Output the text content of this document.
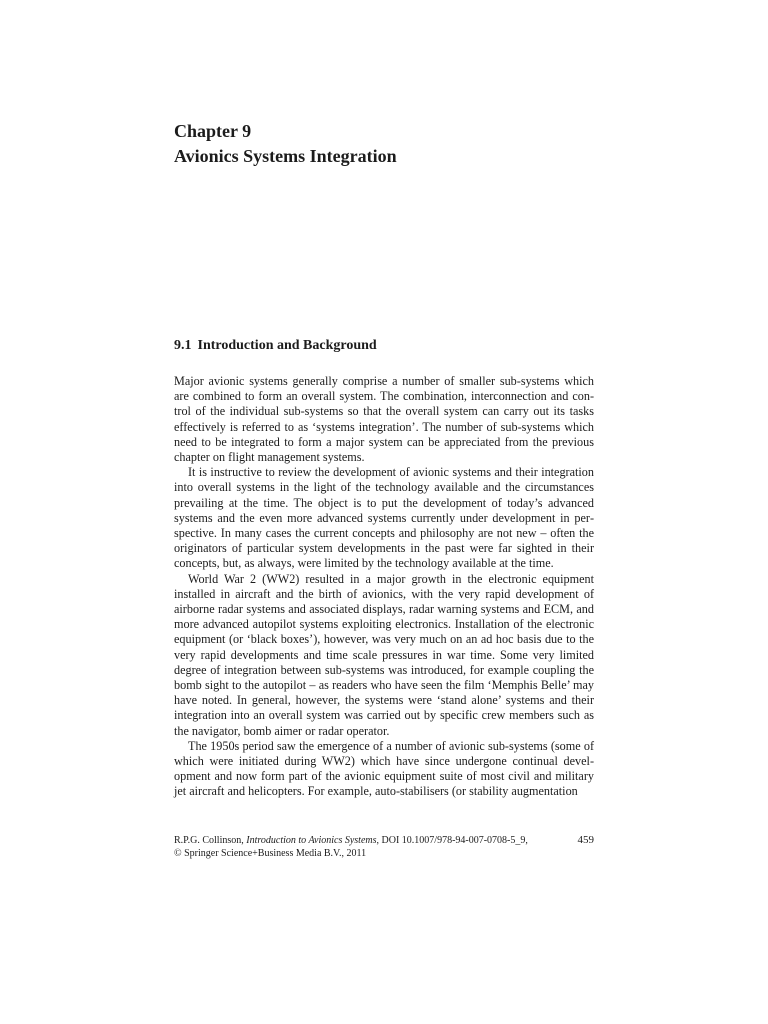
Chapter 9
Avionics Systems Integration
9.1 Introduction and Background

Major avionic systems generally comprise a number of smaller sub-systems which are combined to form an overall system. The combination, interconnection and control of the individual sub-systems so that the overall system can carry out its tasks effectively is referred to as ‘systems integration’. The number of sub-systems which need to be integrated to form a major system can be appreciated from the previous chapter on flight management systems.

It is instructive to review the development of avionic systems and their integration into overall systems in the light of the technology available and the circumstances prevailing at the time. The object is to put the development of today’s advanced systems and the even more advanced systems currently under development in perspective. In many cases the current concepts and philosophy are not new – often the originators of particular system developments in the past were far sighted in their concepts, but, as always, were limited by the technology available at the time.

World War 2 (WW2) resulted in a major growth in the electronic equipment installed in aircraft and the birth of avionics, with the very rapid development of airborne radar systems and associated displays, radar warning systems and ECM, and more advanced autopilot systems exploiting electronics. Installation of the electronic equipment (or ‘black boxes’), however, was very much on an ad hoc basis due to the very rapid developments and time scale pressures in war time. Some very limited degree of integration between sub-systems was introduced, for example coupling the bomb sight to the autopilot – as readers who have seen the film ‘Memphis Belle’ may have noted. In general, however, the systems were ‘stand alone’ systems and their integration into an overall system was carried out by specific crew members such as the navigator, bomb aimer or radar operator.

The 1950s period saw the emergence of a number of avionic sub-systems (some of which were initiated during WW2) which have since undergone continual development and now form part of the avionic equipment suite of most civil and military jet aircraft and helicopters. For example, auto-stabilisers (or stability augmentation

R.P.G. Collinson, Introduction to Avionics Systems, DOI 10.1007/978-94-007-0708-5_9,	459
© Springer Science+Business Media B.V., 2011
